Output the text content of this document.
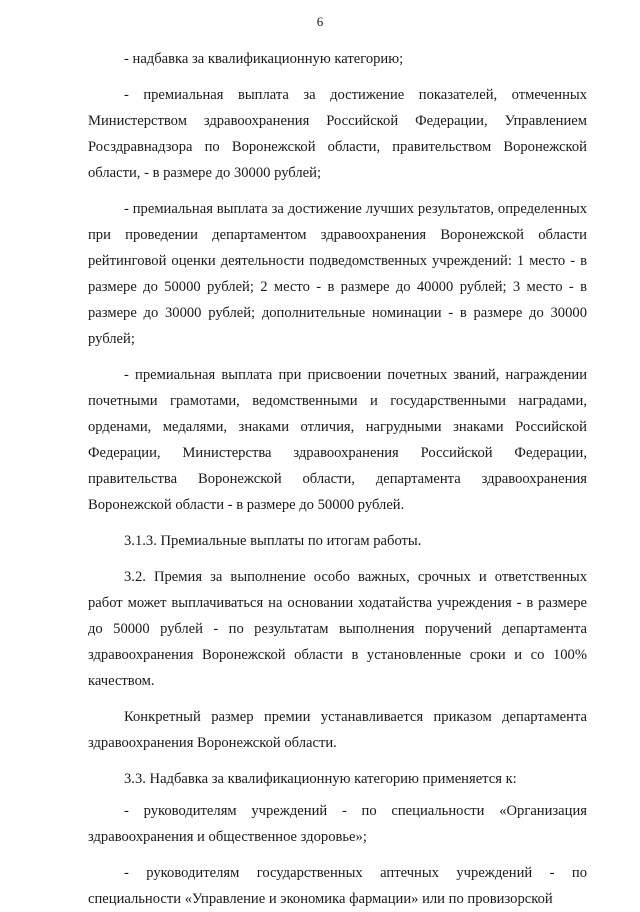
6

- надбавка за квалификационную категорию;

- премиальная выплата за достижение показателей, отмеченных Министерством здравоохранения Российской Федерации, Управлением Росздравнадзора по Воронежской области, правительством Воронежской области, - в размере до 30000 рублей;

- премиальная выплата за достижение лучших результатов, определенных при проведении департаментом здравоохранения Воронежской области рейтинговой оценки деятельности подведомственных учреждений: 1 место - в размере до 50000 рублей; 2 место - в размере до 40000 рублей; 3 место - в размере до 30000 рублей; дополнительные номинации - в размере до 30000 рублей;

- премиальная выплата при присвоении почетных званий, награждении почетными грамотами, ведомственными и государственными наградами, орденами, медалями, знаками отличия, нагрудными знаками Российской Федерации, Министерства здравоохранения Российской Федерации, правительства Воронежской области, департамента здравоохранения Воронежской области - в размере до 50000 рублей.

3.1.3. Премиальные выплаты по итогам работы.

3.2. Премия за выполнение особо важных, срочных и ответственных работ может выплачиваться на основании ходатайства учреждения - в размере до 50000 рублей - по результатам выполнения поручений департамента здравоохранения Воронежской области в установленные сроки и со 100% качеством.

Конкретный размер премии устанавливается приказом департамента здравоохранения Воронежской области.

3.3. Надбавка за квалификационную категорию применяется к:

- руководителям учреждений - по специальности «Организация здравоохранения и общественное здоровье»;

- руководителям государственных аптечных учреждений - по специальности «Управление и экономика фармации» или по провизорской
